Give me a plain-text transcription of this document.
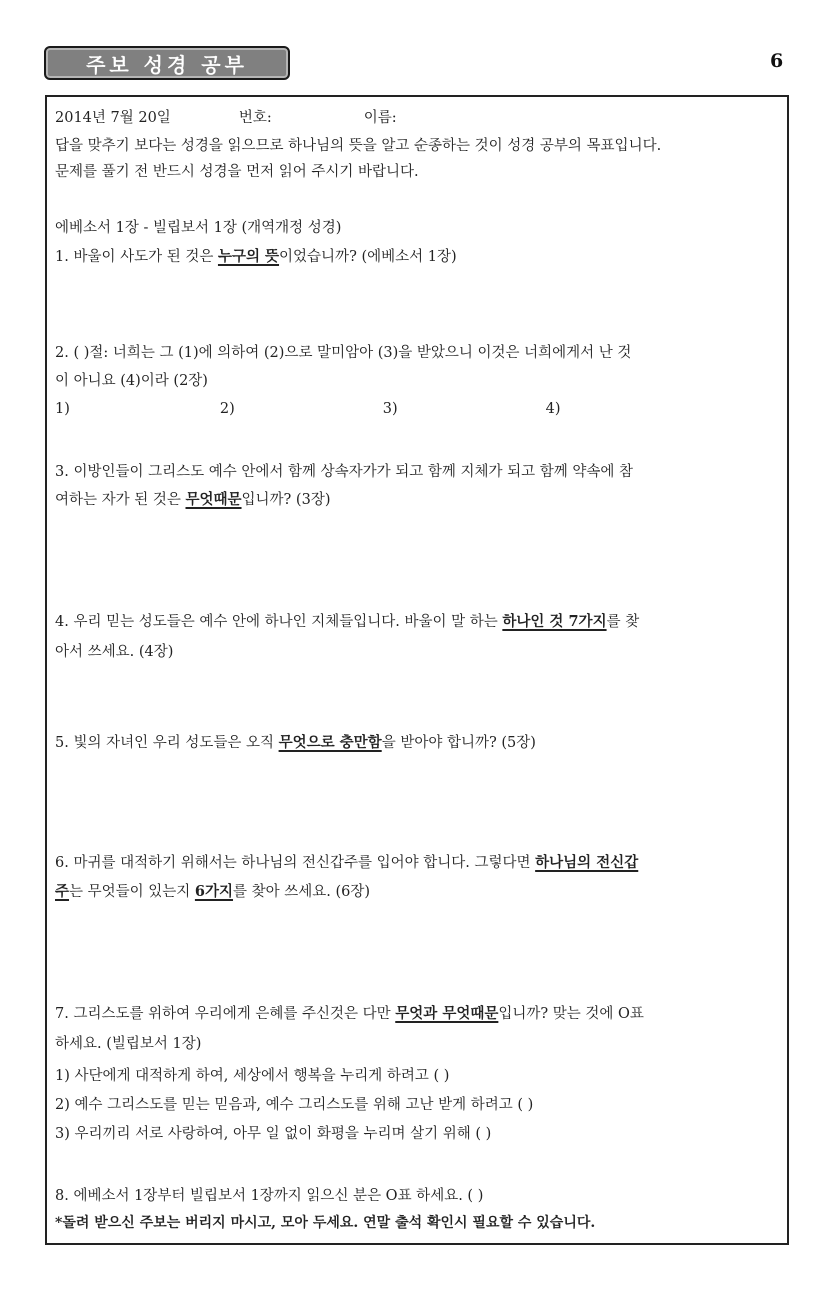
주보 성경 공부	6
2014년 7월 20일	번호:	이름:
답을 맞추기 보다는 성경을 읽으므로 하나님의 뜻을 알고 순종하는 것이 성경 공부의 목표입니다.
문제를 풀기 전 반드시 성경을 먼저 읽어 주시기 바랍니다.
에베소서 1장 - 빌립보서 1장 (개역개정 성경)
1. 바울이 사도가 된 것은 누구의 뜻이었습니까? (에베소서 1장)
2. ( )절: 너희는 그 (1)에 의하여 (2)으로 말미암아 (3)을 받았으니 이것은 너희에게서 난 것
이 아니요 (4)이라 (2장)
1)	2)	3)	4)
3. 이방인들이 그리스도 예수 안에서 함께 상속자가가 되고 함께 지체가 되고 함께 약속에 참
여하는 자가 된 것은 무엇때문입니까? (3장)
4. 우리 믿는 성도들은 예수 안에 하나인 지체들입니다. 바울이 말 하는 하나인 것 7가지를 찾
아서 쓰세요. (4장)
5. 빛의 자녀인 우리 성도들은 오직 무엇으로 충만함을 받아야 합니까? (5장)
6. 마귀를 대적하기 위해서는 하나님의 전신갑주를 입어야 합니다. 그렇다면 하나님의 전신갑
주는 무엇들이 있는지 6가지를 찾아 쓰세요. (6장)
7. 그리스도를 위하여 우리에게 은혜를 주신것은 다만 무엇과 무엇때문입니까? 맞는 것에 O표
하세요. (빌립보서 1장)
1) 사단에게 대적하게 하여, 세상에서 행복을 누리게 하려고 ( )
2) 예수 그리스도를 믿는 믿음과, 예수 그리스도를 위해 고난 받게 하려고 ( )
3) 우리끼리 서로 사랑하여, 아무 일 없이 화평을 누리며 살기 위해 ( )
8. 에베소서 1장부터 빌립보서 1장까지 읽으신 분은 O표 하세요. ( )
*돌려 받으신 주보는 버리지 마시고, 모아 두세요. 연말 출석 확인시 필요할 수 있습니다.
